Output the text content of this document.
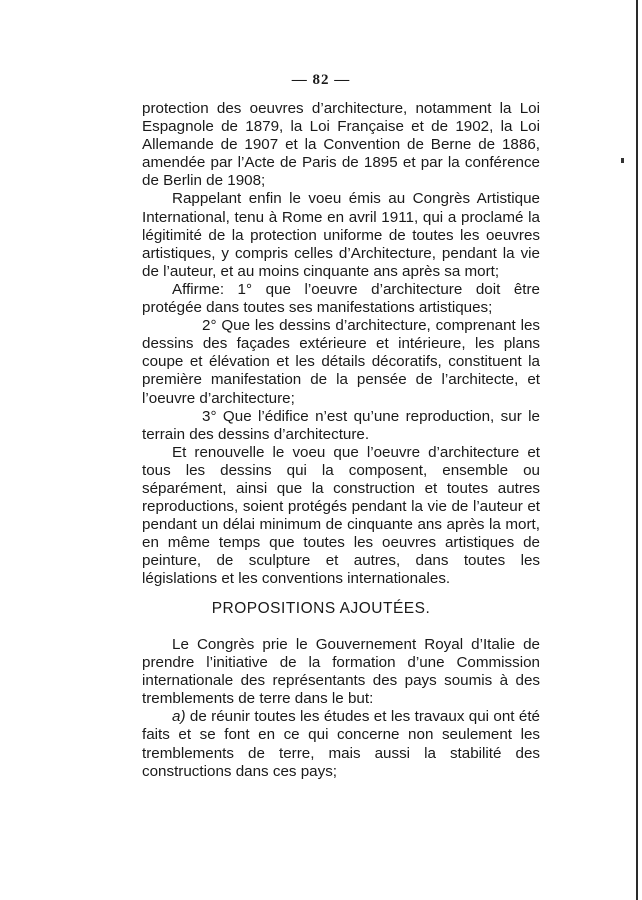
— 82 —

protection des oeuvres d’architecture, notamment la Loi Espagnole de 1879, la Loi Française et de 1902, la Loi Allemande de 1907 et la Convention de Berne de 1886, amendée par l’Acte de Paris de 1895 et par la conférence de Berlin de 1908;

Rappelant enfin le voeu émis au Congrès Artistique International, tenu à Rome en avril 1911, qui a proclamé la légitimité de la protection uniforme de toutes les oeuvres artistiques, y compris celles d’Architecture, pendant la vie de l’auteur, et au moins cinquante ans après sa mort;

Affirme: 1° que l’oeuvre d’architecture doit être protégée dans toutes ses manifestations artistiques;

2° Que les dessins d’architecture, comprenant les dessins des façades extérieure et intérieure, les plans coupe et élévation et les détails décoratifs, constituent la première manifestation de la pensée de l’architecte, et l’oeuvre d’architecture;

3° Que l’édifice n’est qu’une reproduction, sur le terrain des dessins d’architecture.

Et renouvelle le voeu que l’oeuvre d’architecture et tous les dessins qui la composent, ensemble ou séparément, ainsi que la construction et toutes autres reproductions, soient protégés pendant la vie de l’auteur et pendant un délai minimum de cinquante ans après la mort, en même temps que toutes les oeuvres artistiques de peinture, de sculpture et autres, dans toutes les législations et les conventions internationales.

PROPOSITIONS AJOUTÉES.

Le Congrès prie le Gouvernement Royal d’Italie de prendre l’initiative de la formation d’une Commission internationale des représentants des pays soumis à des tremblements de terre dans le but:

a) de réunir toutes les études et les travaux qui ont été faits et se font en ce qui concerne non seulement les tremblements de terre, mais aussi la stabilité des constructions dans ces pays;
